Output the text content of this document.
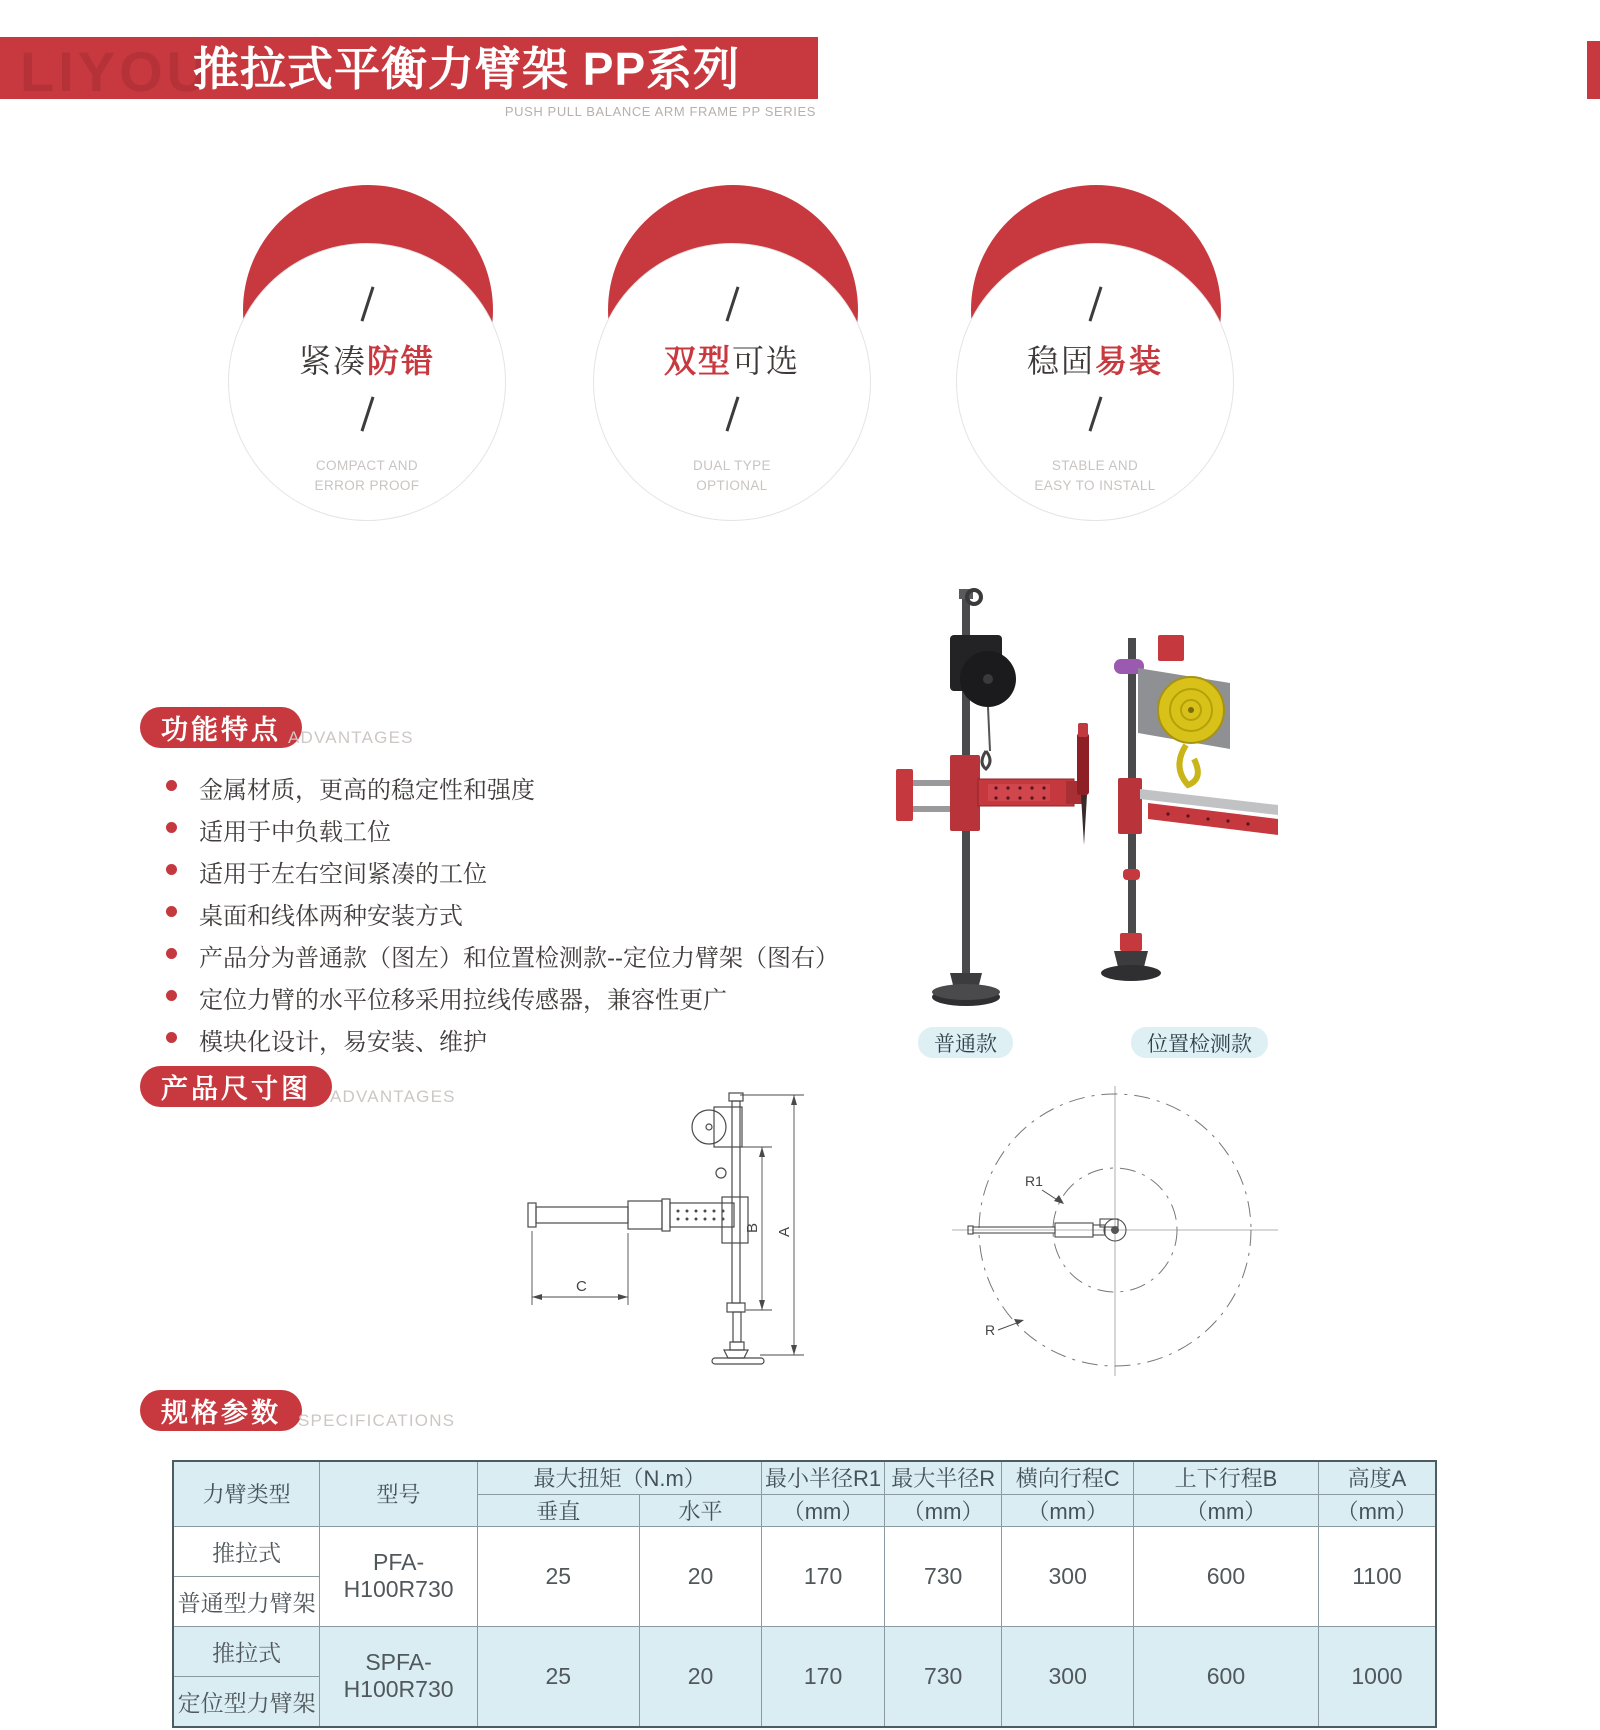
LIYOU
推拉式平衡力臂架 PP系列
PUSH PULL BALANCE ARM FRAME PP SERIES
紧凑防错
COMPACT AND
ERROR PROOF
双型可选
DUAL TYPE
OPTIONAL
稳固易装
STABLE AND
EASY TO INSTALL
功能特点 ADVANTAGES
金属材质，更高的稳定性和强度
适用于中负载工位
适用于左右空间紧凑的工位
桌面和线体两种安装方式
产品分为普通款（图左）和位置检测款--定位力臂架（图右）
定位力臂的水平位移采用拉线传感器，兼容性更广
模块化设计，易安装、维护	普通款	位置检测款
产品尺寸图	ADVANTAGES
C
B A
R1
R
规格参数	SPECIFICATIONS
力臂类型	型号	最大扭矩（N.m）		最小半径R1	最大半径R	横向行程C	上下行程B	高度A
		垂直	水平	（mm）	（mm）	（mm）	（mm）	（mm）

推拉式
普通型力臂架	PFA-H100R730	25	20	170	730	300	600	1100

推拉式
定位型力臂架	SPFA-H100R730	25	20	170	730	300	600	1000
